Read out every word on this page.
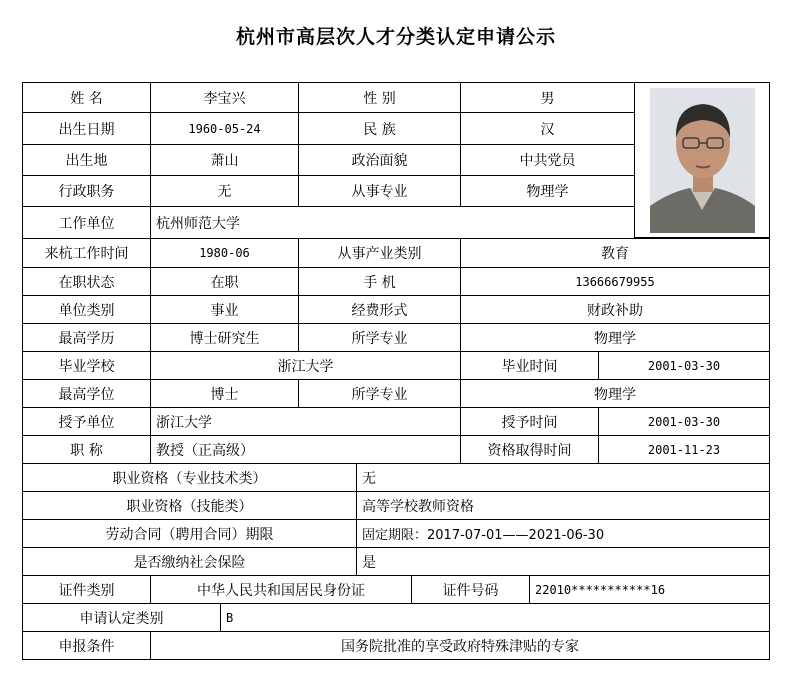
杭州市高层次人才分类认定申请公示
姓 名	李宝兴	性 别	男
出生日期	1960-05-24	民 族	汉
出生地	萧山	政治面貌	中共党员
行政职务	无	从事专业	物理学
工作单位	杭州师范大学
来杭工作时间	1980-06	从事产业类别	教育
在职状态	在职	手 机	13666679955
单位类别	事业	经费形式	财政补助
最高学历	博士研究生	所学专业	物理学
毕业学校	浙江大学	毕业时间	2001-03-30
最高学位	博士	所学专业	物理学
授予单位	浙江大学	授予时间	2001-03-30
职 称	教授（正高级）	资格取得时间	2001-11-23
职业资格（专业技术类）	无
职业资格（技能类）	高等学校教师资格
劳动合同（聘用合同）期限	固定期限：2017-07-01——2021-06-30
是否缴纳社会保险	是
证件类别	中华人民共和国居民身份证	证件号码	22010***********16
申请认定类别	B
申报条件	国务院批准的享受政府特殊津贴的专家
